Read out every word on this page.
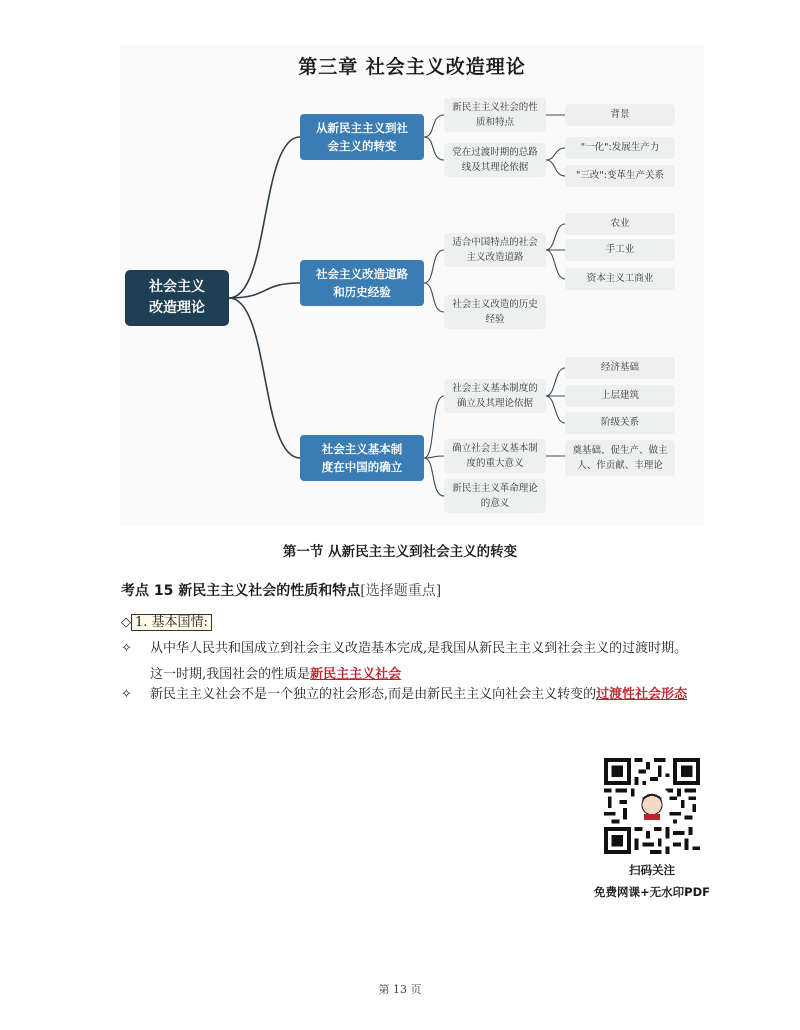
第三章 社会主义改造理论
社会主义
改造理论
从新民主主义到社
会主义的转变
社会主义改造道路
和历史经验
社会主义基本制
度在中国的确立
新民主主义社会的性
质和特点
党在过渡时期的总路
线及其理论依据
适合中国特点的社会
主义改造道路
社会主义改造的历史
经验
社会主义基本制度的
确立及其理论依据
确立社会主义基本制
度的重大意义
新民主主义革命理论
的意义
背景
"一化":发展生产力
"三改":变革生产关系
农业
手工业
资本主义工商业
经济基础
上层建筑
阶级关系
奠基础、促生产、做主
人、作贡献、丰理论
第一节 从新民主主义到社会主义的转变
考点 15 新民主主义社会的性质和特点[选择题重点]
◇ 1. 基本国情:
✧ 从中华人民共和国成立到社会主义改造基本完成,是我国从新民主主义到社会主义的过渡时期。这一时期,我国社会的性质是新民主主义社会
✧ 新民主主义社会不是一个独立的社会形态,而是由新民主主义向社会主义转变的过渡性社会形态
扫码关注
免费网课+无水印PDF
第 13 页
